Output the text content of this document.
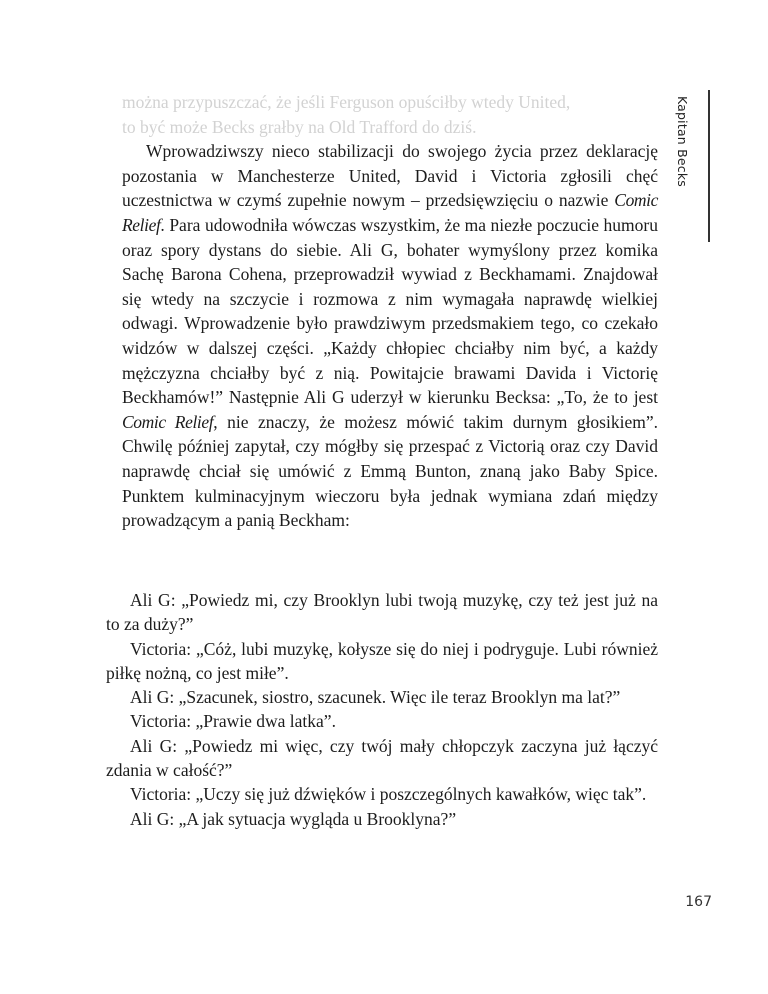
Kapitan Becks

można przypuszczać, że jeśli Ferguson opuściłby wtedy United,

to być może Becks grałby na Old Trafford do dziś.

Wprowadziwszy nieco stabilizacji do swojego życia przez deklarację pozostania w Manchesterze United, David i Victoria zgłosili chęć uczestnictwa w czymś zupełnie nowym – przedsięwzięciu o nazwie Comic Relief. Para udowodniła wówczas wszystkim, że ma niezłe poczucie humoru oraz spory dystans do siebie. Ali G, bohater wymyślony przez komika Sachę Barona Cohena, przeprowadził wywiad z Beckhamami. Znajdował się wtedy na szczycie i rozmowa z nim wymagała naprawdę wielkiej odwagi. Wprowadzenie było prawdziwym przedsmakiem tego, co czekało widzów w dalszej części. „Każdy chłopiec chciałby nim być, a każdy mężczyzna chciałby być z nią. Powitajcie brawami Davida i Victorię Beckhamów!” Następnie Ali G uderzył w kierunku Becksa: „To, że to jest Comic Relief, nie znaczy, że możesz mówić takim durnym głosikiem”. Chwilę później zapytał, czy mógłby się przespać z Victorią oraz czy David naprawdę chciał się umówić z Emmą Bunton, znaną jako Baby Spice. Punktem kulminacyjnym wieczoru była jednak wymiana zdań między prowadzącym a panią Beckham:

Ali G: „Powiedz mi, czy Brooklyn lubi twoją muzykę, czy też jest już na to za duży?”

Victoria: „Cóż, lubi muzykę, kołysze się do niej i podryguje. Lubi również piłkę nożną, co jest miłe”.

Ali G: „Szacunek, siostro, szacunek. Więc ile teraz Brooklyn ma lat?”

Victoria: „Prawie dwa latka”.

Ali G: „Powiedz mi więc, czy twój mały chłopczyk zaczyna już łączyć zdania w całość?”

Victoria: „Uczy się już dźwięków i poszczególnych kawałków, więc tak”.

Ali G: „A jak sytuacja wygląda u Brooklyna?”

167
